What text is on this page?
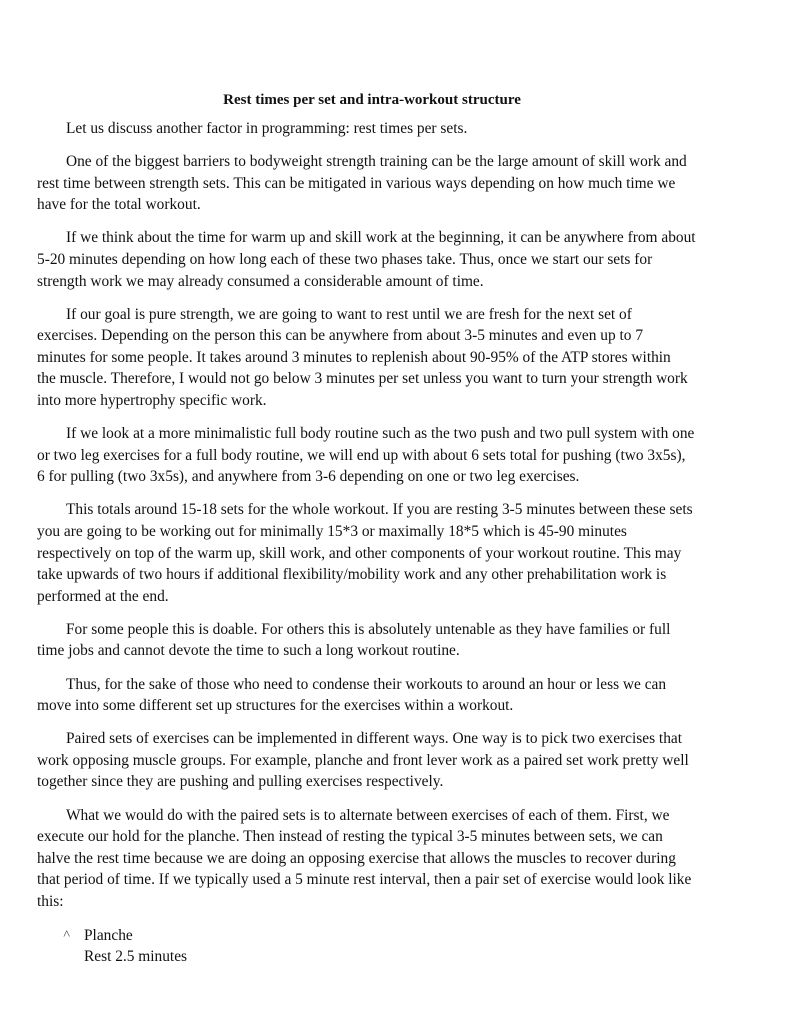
Rest times per set and intra-workout structure

Let us discuss another factor in programming: rest times per sets.

One of the biggest barriers to bodyweight strength training can be the large amount of skill work and
rest time between strength sets. This can be mitigated in various ways depending on how much time we
have for the total workout.

If we think about the time for warm up and skill work at the beginning, it can be anywhere from about
5-20 minutes depending on how long each of these two phases take. Thus, once we start our sets for
strength work we may already consumed a considerable amount of time.

If our goal is pure strength, we are going to want to rest until we are fresh for the next set of
exercises. Depending on the person this can be anywhere from about 3-5 minutes and even up to 7
minutes for some people. It takes around 3 minutes to replenish about 90-95% of the ATP stores within
the muscle. Therefore, I would not go below 3 minutes per set unless you want to turn your strength work
into more hypertrophy specific work.

If we look at a more minimalistic full body routine such as the two push and two pull system with one
or two leg exercises for a full body routine, we will end up with about 6 sets total for pushing (two 3x5s),
6 for pulling (two 3x5s), and anywhere from 3-6 depending on one or two leg exercises.

This totals around 15-18 sets for the whole workout. If you are resting 3-5 minutes between these sets
you are going to be working out for minimally 15*3 or maximally 18*5 which is 45-90 minutes
respectively on top of the warm up, skill work, and other components of your workout routine. This may
take upwards of two hours if additional flexibility/mobility work and any other prehabilitation work is
performed at the end.

For some people this is doable. For others this is absolutely untenable as they have families or full
time jobs and cannot devote the time to such a long workout routine.

Thus, for the sake of those who need to condense their workouts to around an hour or less we can
move into some different set up structures for the exercises within a workout.

Paired sets of exercises can be implemented in different ways. One way is to pick two exercises that
work opposing muscle groups. For example, planche and front lever work as a paired set work pretty well
together since they are pushing and pulling exercises respectively.

What we would do with the paired sets is to alternate between exercises of each of them. First, we
execute our hold for the planche. Then instead of resting the typical 3-5 minutes between sets, we can
halve the rest time because we are doing an opposing exercise that allows the muscles to recover during
that period of time. If we typically used a 5 minute rest interval, then a pair set of exercise would look like
this:

˄ Planche
Rest 2.5 minutes
